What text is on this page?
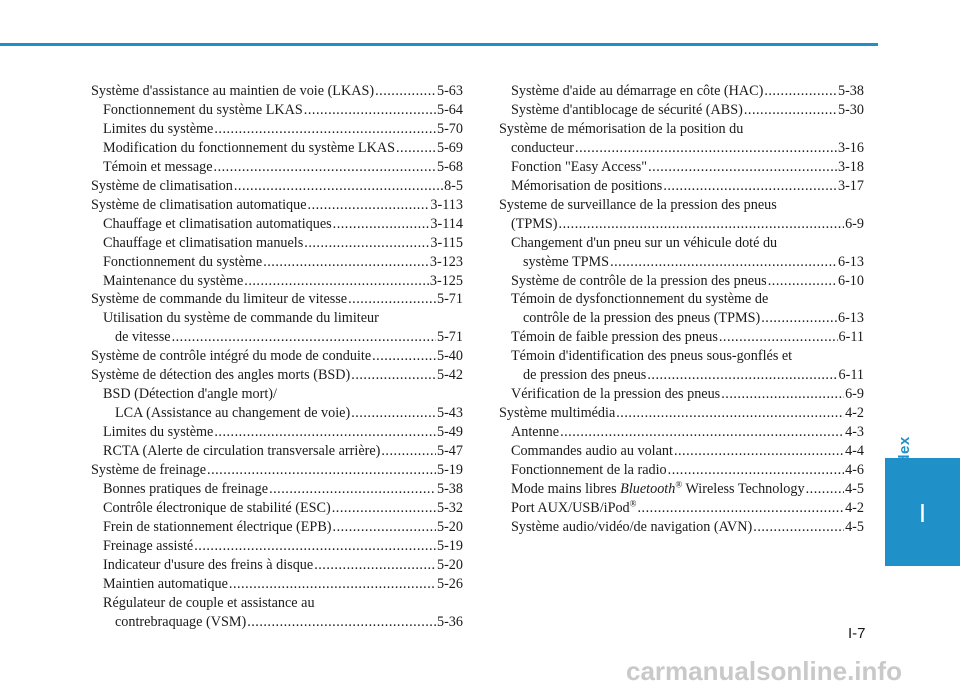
Système d'assistance au maintien de voie (LKAS) .....	5-63
Fonctionnement du système LKAS .....	5-64
Limites du système .....	5-70
Modification du fonctionnement du système LKAS .....	5-69
Témoin et message .....	5-68
Système de climatisation .....	8-5
Système de climatisation automatique .....	3-113
Chauffage et climatisation automatiques .....	3-114
Chauffage et climatisation manuels .....	3-115
Fonctionnement du système .....	3-123
Maintenance du système .....	3-125
Système de commande du limiteur de vitesse .....	5-71
Utilisation du système de commande du limiteur
de vitesse .....	5-71
Système de contrôle intégré du mode de conduite .....	5-40
Système de détection des angles morts (BSD) .....	5-42
BSD (Détection d'angle mort)/
LCA (Assistance au changement de voie) .....	5-43
Limites du système .....	5-49
RCTA (Alerte de circulation transversale arrière) .....	5-47
Système de freinage .....	5-19
Bonnes pratiques de freinage .....	5-38
Contrôle électronique de stabilité (ESC) .....	5-32
Frein de stationnement électrique (EPB) .....	5-20
Freinage assisté .....	5-19
Indicateur d'usure des freins à disque .....	5-20
Maintien automatique .....	5-26
Régulateur de couple et assistance au
contrebraquage (VSM) .....	5-36
Système d'aide au démarrage en côte (HAC) .....	5-38
Système d'antiblocage de sécurité (ABS) .....	5-30
Système de mémorisation de la position du
conducteur .....	3-16
Fonction "Easy Access" .....	3-18
Mémorisation de positions .....	3-17
Systeme de surveillance de la pression des pneus
(TPMS) .....	6-9
Changement d'un pneu sur un véhicule doté du
système TPMS .....	6-13
Système de contrôle de la pression des pneus .....	6-10
Témoin de dysfonctionnement du système de
contrôle de la pression des pneus (TPMS) .....	6-13
Témoin de faible pression des pneus .....	6-11
Témoin d'identification des pneus sous-gonflés et
de pression des pneus .....	6-11
Vérification de la pression des pneus .....	6-9
Système multimédia .....	4-2
Antenne .....	4-3
Commandes audio au volant .....	4-4
Fonctionnement de la radio .....	4-6
Mode mains libres Bluetooth® Wireless Technology .....	4-5
Port AUX/USB/iPod® .....	4-2
Système audio/vidéo/de navigation (AVN) .....	4-5	I
I-7
carmanualsonline.info
